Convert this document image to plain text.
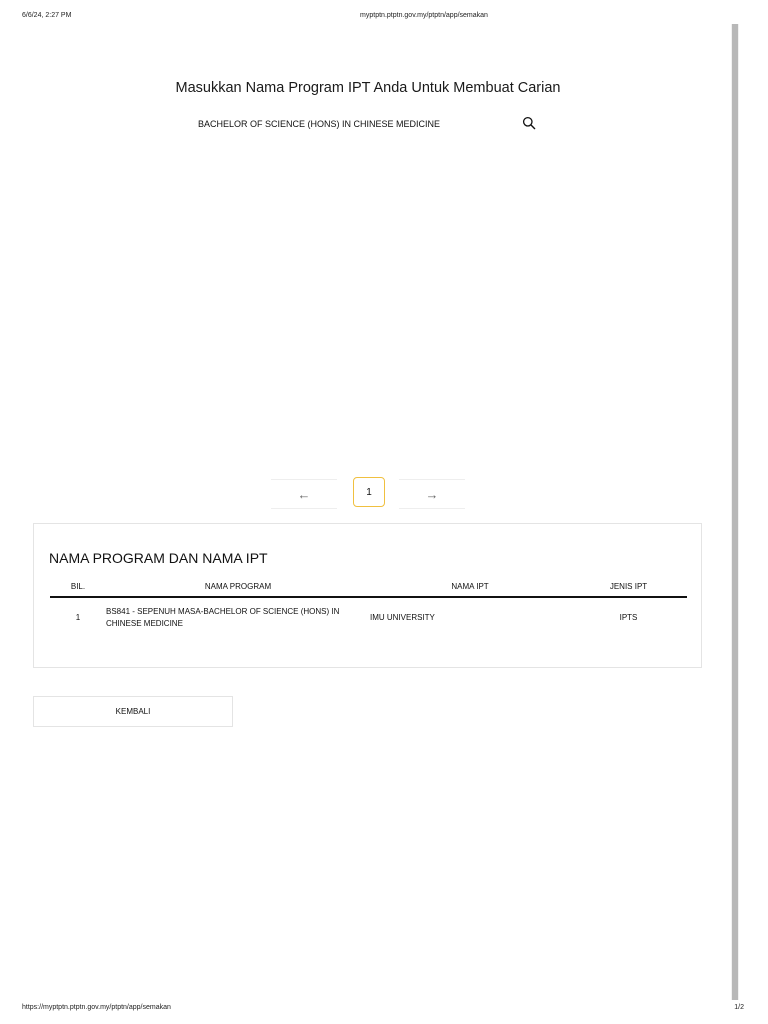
6/6/24, 2:27 PM	myptptn.ptptn.gov.my/ptptn/app/semakan
Masukkan Nama Program IPT Anda Untuk Membuat Carian
BACHELOR OF SCIENCE (HONS) IN CHINESE MEDICINE
←	1	→
NAMA PROGRAM DAN NAMA IPT
BIL.	NAMA PROGRAM	NAMA IPT	JENIS IPT
1	BS841 - SEPENUH MASA-BACHELOR OF SCIENCE (HONS) IN CHINESE MEDICINE	IMU UNIVERSITY	IPTS
KEMBALI
https://myptptn.ptptn.gov.my/ptptn/app/semakan	1/2
